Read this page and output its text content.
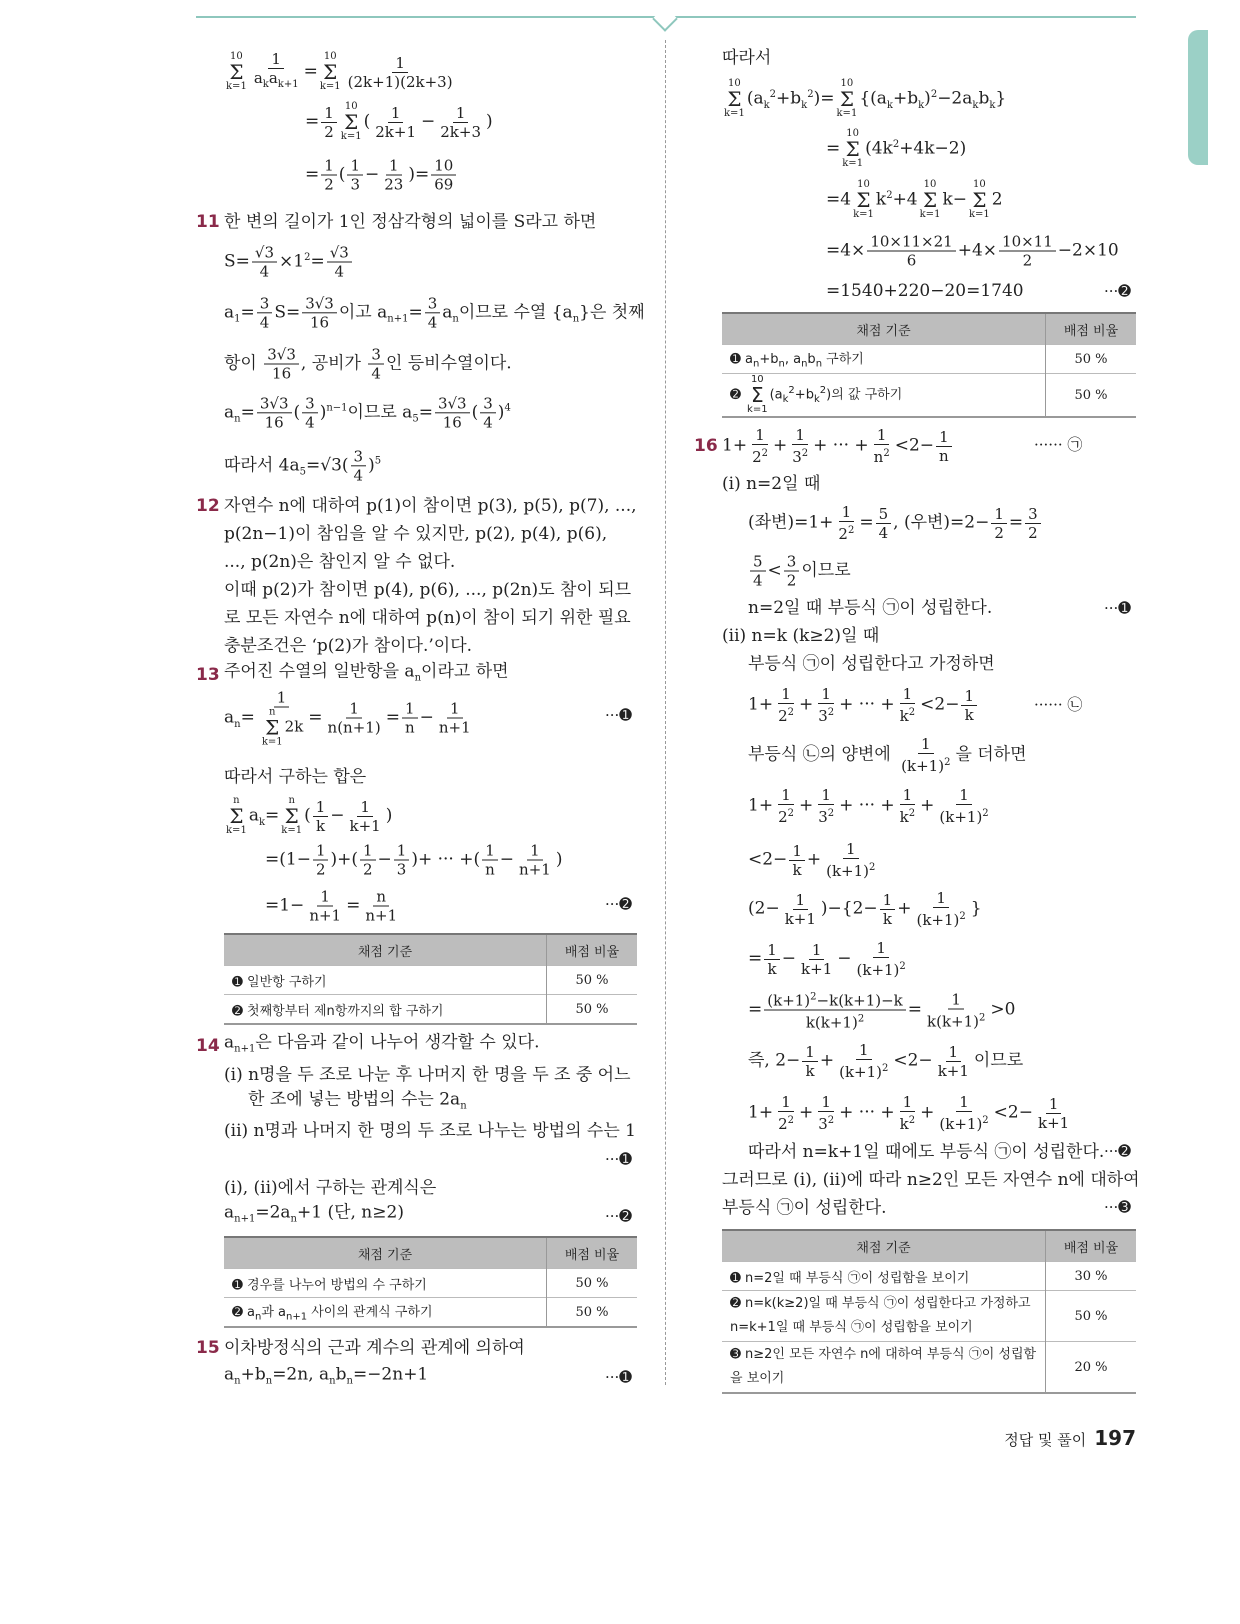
10
Σ
$k=1 \frac{1}{a_ka_{k+1}}$ =
10
Σ
$k=1 \frac{1}{(2k+1)(2k+3)}$
= $\frac{1}{2} 10$
Σ
k=1
( $\frac{1}{2k+1} - \frac{1}{2k+3}$ )
= $\frac{1}{2}$ ( $\frac{1}{3} - \frac{1}{23}$ )= $\frac{10}{69}$
11 한 변의 길이가 1인 정삼각형의 넓이를 S라고 하면
$S= \frac{√3}{4} \times 1^2= \frac{√3}{4}$
$a_1= \frac{3}{4} S= \frac{3√3}{16}$ 이고 $a_{n+1}= \frac{3}{4} a_n$이므로 수열 $\{a_n\}$은 첫째
항이 $\frac{3√3}{16}$ , 공비가 $\frac{3}{4}$ 인 등비수열이다.
$a_n= \frac{3√3}{16}$ ( $\frac{3}{4} )^{n-1}$이므로 $a_5= \frac{3√3}{16}$ ( $\frac{3}{4} )^4$
따라서 $4a_5=√3( \frac{3}{4} )^5$
12 자연수 n에 대하여 p(1)이 참이면 p(3), p(5), p(7), ...,
p(2n−1)이 참임을 알 수 있지만, p(2), p(4), p(6),
..., p(2n)은 참인지 알 수 없다.
이때 p(2)가 참이면 p(4), p(6), ..., p(2n)도 참이 되므
로 모든 자연수 n에 대하여 p(n)이 참이 되기 위한 필요
충분조건은 ‘p(2)가 참이다.’이다.
13 주어진 수열의 일반항을 $a_n$이라고 하면
$a_n= 1$
n
Σ
k=1
$2k = \frac{1}{n(n+1)} = \frac{1}{n} - \frac{1}{n+1}$	···➊
따라서 구하는 합은
n
Σ
k=1
$a_k=$
n
Σ
k=1
( $\frac{1}{k} - \frac{1}{k+1}$ )
$=(1- \frac{1}{2}$ )+( $\frac{1}{2} - \frac{1}{3}$ )+ ··· +( $\frac{1}{n} - \frac{1}{n+1}$ )
$=1- \frac{1}{n+1} = \frac{n}{n+1}$	···➋
채점 기준	배점 비율
➊ 일반항 구하기	50 %
➋ 첫째항부터 제n항까지의 합 구하기	50 %
14 $a_{n+1}$은 다음과 같이 나누어 생각할 수 있다.
(i) n명을 두 조로 나눈 후 나머지 한 명을 두 조 중 어느
한 조에 넣는 방법의 수는 $2a_n$
(ii) n명과 나머지 한 명의 두 조로 나누는 방법의 수는 1
···➊
(i), (ii)에서 구하는 관계식은
$a_{n+1}=2a_n+1$ (단, n≥2)	···➋
채점 기준	배점 비율
➊ 경우를 나누어 방법의 수 구하기	50 %
➋ $a_n$과 $a_{n+1}$ 사이의 관계식 구하기	50 %
15 이차방정식의 근과 계수의 관계에 의하여
$a_n+b_n=2n$, $a_nb_n=-2n+1$	···➊
따라서
10
Σ
k=1
$(a_k^2+b_k^2)=$
10
Σ
k=1
$\{(a_k+b_k)^2-2a_kb_k\}$
=
10
Σ
k=1
$(4k^2+4k-2)$
=4
10
Σ
k=1
$k^2+4$
10
Σ
k=1
k−
10
Σ
k=1
2
$=4\times \frac{10\times 11\times 21}{6} +4\times \frac{10\times 11}{2} -2\times 10$
=1540+220−20=1740	···➋
채점 기준	배점 비율
➊ $a_n+b_n$, $a_nb_n$ 구하기	50 %
➋
10
Σ
k=1
$(a_k^2+b_k^2)$의 값 구하기	50 %
16 $1+ \frac{1}{2^2} + \frac{1}{3^2}$ + ··· + $\frac{1}{n^2} <2- \frac{1}{n}$	······ ㉠
(i) n=2일 때
(좌변)$=1+ \frac{1}{2^2} = \frac{5}{4}$ , (우변)$=2- \frac{1}{2} = \frac{3}{2}$
$\frac{5}{4} < \frac{3}{2}$ 이므로
n=2일 때 부등식 ㉠이 성립한다.	···➊
(ii) n=k (k≥2)일 때
부등식 ㉠이 성립한다고 가정하면
$1+ \frac{1}{2^2} + \frac{1}{3^2}$ + ··· + $\frac{1}{k^2} <2- \frac{1}{k}$	······ ㉡
부등식 ㉡의 양변에 $\frac{1}{(k+1)^2}$ 을 더하면
$1+ \frac{1}{2^2} + \frac{1}{3^2}$ + ··· + $\frac{1}{k^2} + \frac{1}{(k+1)^2}$
$<2- \frac{1}{k} + \frac{1}{(k+1)^2}$
$(2- \frac{1}{k+1} )-\{2- \frac{1}{k} + \frac{1}{(k+1)^2}$ }
= $\frac{1}{k} - \frac{1}{k+1} - \frac{1}{(k+1)^2}$
= $\frac{(k+1)^2-k(k+1)-k}{k(k+1)^2} = \frac{1}{k(k+1)^2} >0$
즉, $2- \frac{1}{k} + \frac{1}{(k+1)^2} <2- \frac{1}{k+1}$ 이므로
$1+ \frac{1}{2^2} + \frac{1}{3^2}$ + ··· + $\frac{1}{k^2} + \frac{1}{(k+1)^2} <2- \frac{1}{k+1}$
따라서 n=k+1일 때에도 부등식 ㉠이 성립한다. ···➋
그러므로 (i), (ii)에 따라 n≥2인 모든 자연수 n에 대하여
부등식 ㉠이 성립한다.	···➌
채점 기준	배점 비율
➊ n=2일 때 부등식 ㉠이 성립함을 보이기	30 %
➋ n=k(k≥2)일 때 부등식 ㉠이 성립한다고 가정하고 n=k+1일 때 부등식 ㉠이 성립함을 보이기	50 %
➌ n≥2인 모든 자연수 n에 대하여 부등식 ㉠이 성립함을 보이기	20 %
정답 및 풀이 197
